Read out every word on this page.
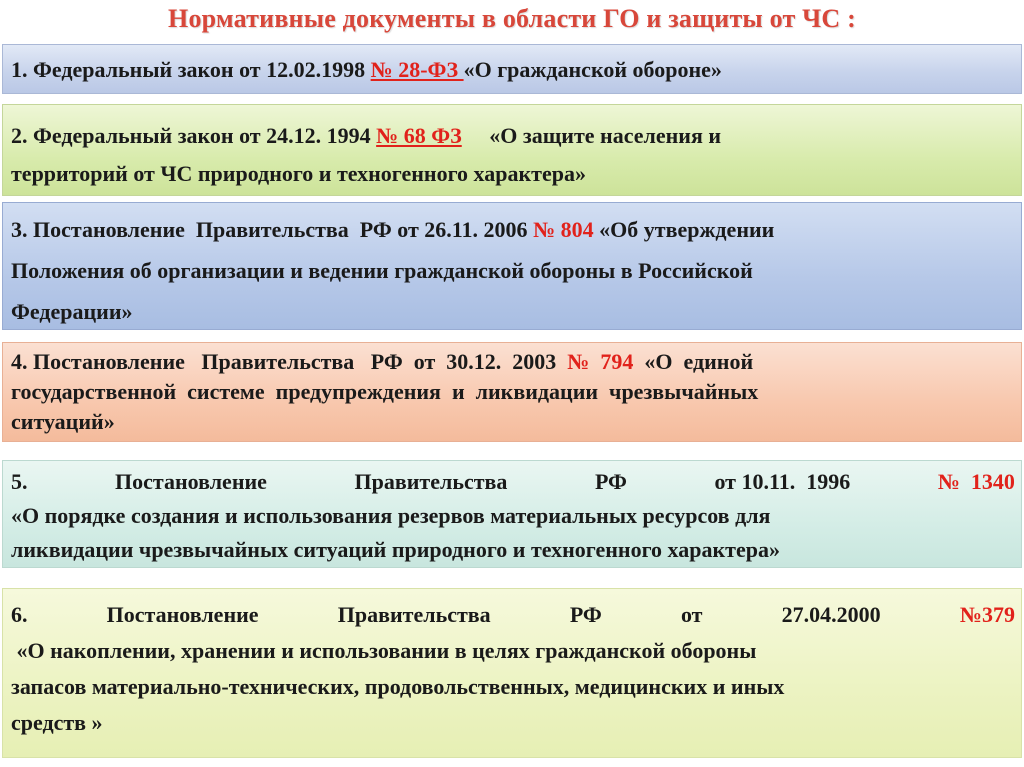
Нормативные документы в области ГО и защиты от ЧС :
1. Федеральный закон от 12.02.1998 № 28-ФЗ «О гражданской обороне»
2. Федеральный закон от 24.12. 1994 № 68 ФЗ     «О защите населения и
территорий от ЧС природного и техногенного характера»
3. Постановление  Правительства  РФ от 26.11. 2006 № 804 «Об утверждении
Положения об организации и ведении гражданской обороны в Российской
Федерации»
4. Постановление   Правительства   РФ  от  30.12.  2003  №  794  «О  единой
государственной  системе  предупреждения  и  ликвидации  чрезвычайных
ситуаций»
5.	Постановление	Правительства	РФ	от 10.11.  1996	№  1340
«О порядке создания и использования резервов материальных ресурсов для
ликвидации чрезвычайных ситуаций природного и техногенного характера»
6.	Постановление	Правительства	РФ	от	27.04.2000	№379
«О накоплении, хранении и использовании в целях гражданской обороны
запасов материально-технических, продовольственных, медицинских и иных
средств »
